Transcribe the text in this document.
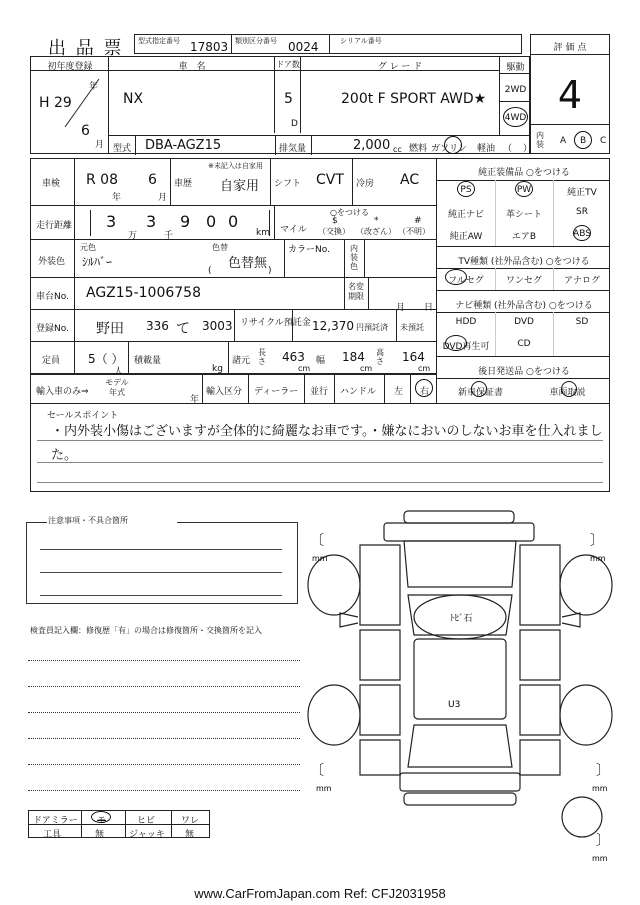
出 品 票 型式指定番号 17803 類別区分番号 0024	シリアル番号
評 価 点
4
初年度登録
年
H 29
6
月
車　名
NX
ドア数
5
D
グ レ ー ド
200t F SPORT AWD★
駆動
2WD
4WD
型式 DBA-AGZ15	排気量	2,000 cc 燃料 ガソリン 軽油 （ ）
内装 A B C
純正装備品 ○をつける
TV種類 (社外品含む) ○をつける
ナビ種類 (社外品含む) ○をつける
後日発送品 ○をつける
PS	PW	純正TV
純正ナビ	革シート	SR
純正AW	エアB	ABS
フルセグ	ワンセグ	アナログ
HDD	DVD	SD
DVD再生可	CD
新車保証書	車両取説
車検 R 08
年
6
月
車歴
※未記入は自家用
自家用 シフト CVT 冷房 AC
走行距離 3
万
3
千
9 0 0
km マイル
○をつける
$
（交換）
*
（改ざん）
#
（不明）
外装色
元色
ｼﾙﾊﾞｰ
色替
色替無
(	)
カラーNo.	内装色
車台No. AGZ15-1006758	名変期限
月 日
登録No. 野田 336 て 3003 リサイクル預託金 12,370 円預託済 未預託
定員 5（ ）
人
積載量
kg
諸元
長さ 463
cm
幅 184
cm
高さ 164
cm
輸入車のみ⇒
モデル年式
年
輸入区分 ディーラー 並行 ハンドル 左 右
セールスポイント
・内外装小傷はございますが全体的に綺麗なお車です。・嫌なにおいのしないお車を仕入れまし
た。
注意事項・不具合箇所
検査員記入欄：修復歴「有」の場合は修復箇所・交換箇所を記入
ドアミラー モ	ヒビ	ワレ
工具	無	ジャッキ 無
ﾄﾋﾞ石
U3
〔
mm
〕
mm
〔
mm
〕
mm
〕
mm
www.CarFromJapan.com Ref: CFJ2031958
